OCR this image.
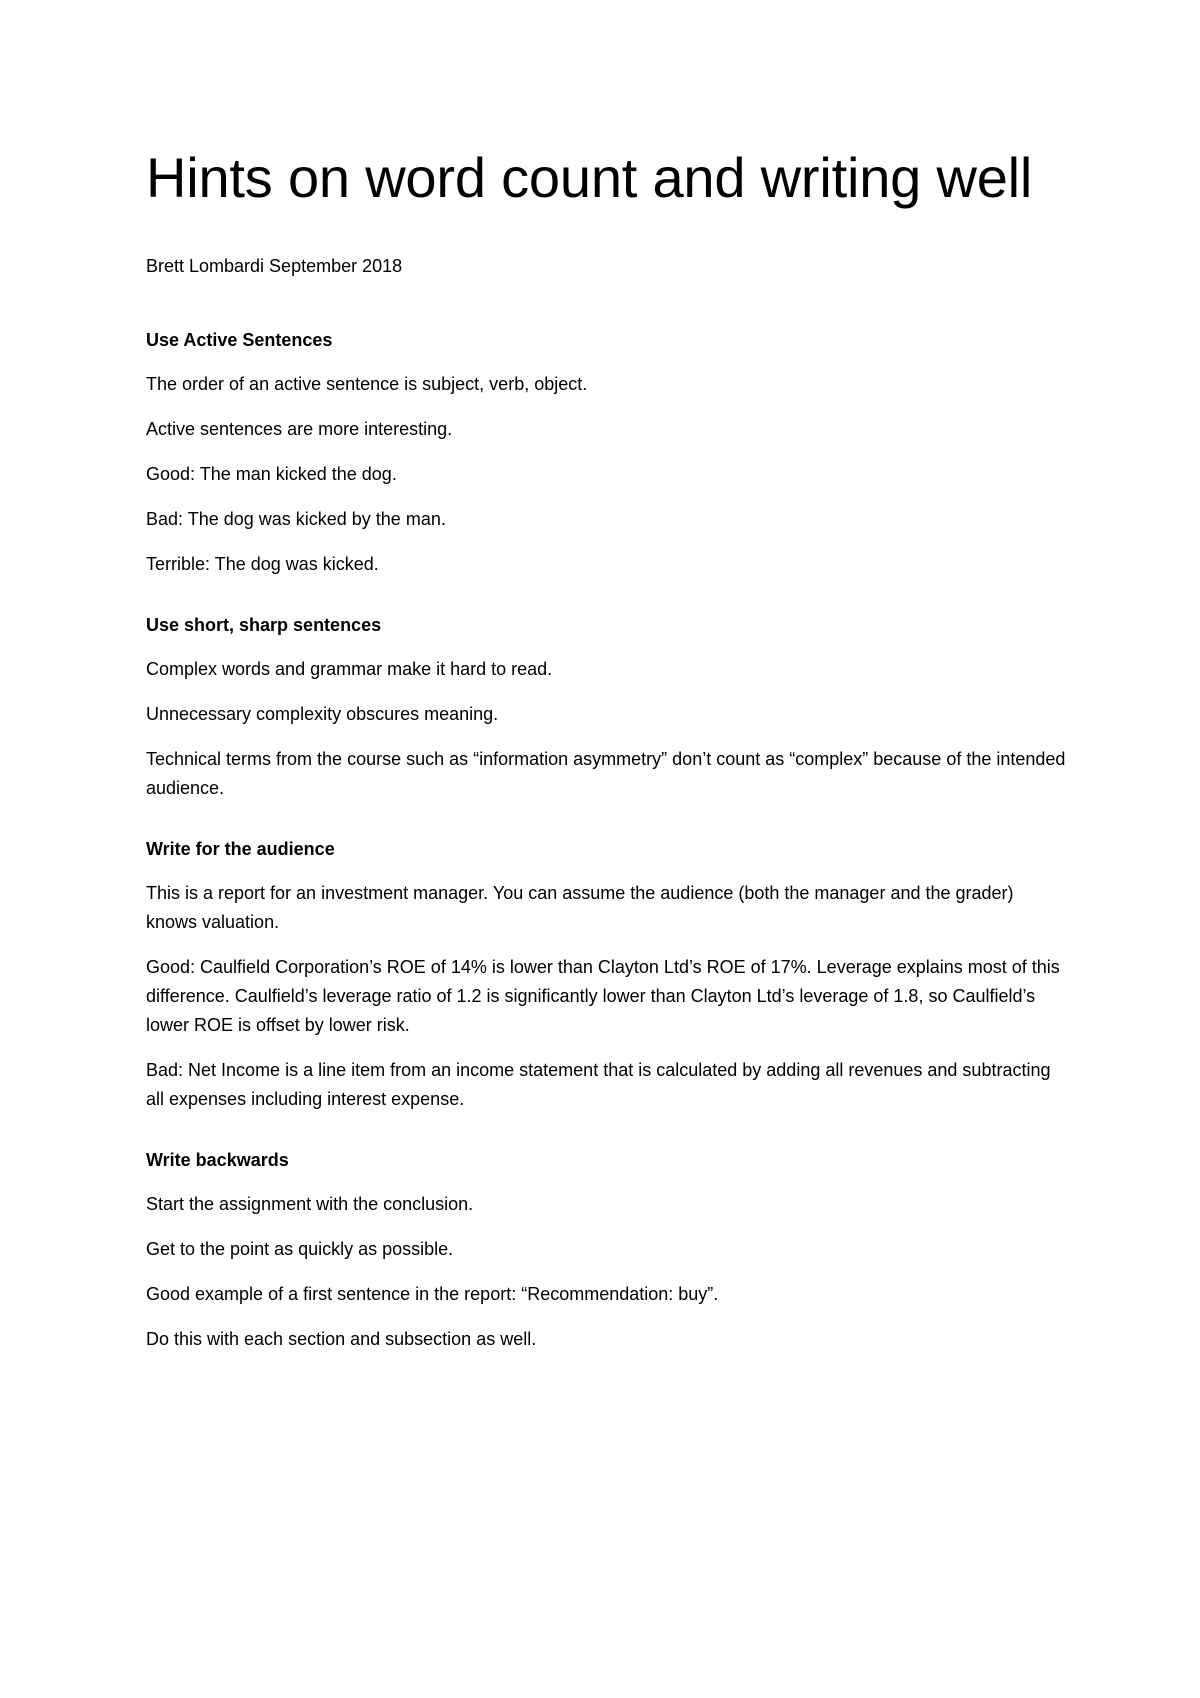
Hints on word count and writing well

Brett Lombardi September 2018

Use Active Sentences

The order of an active sentence is subject, verb, object.

Active sentences are more interesting.

Good: The man kicked the dog.

Bad: The dog was kicked by the man.

Terrible: The dog was kicked.

Use short, sharp sentences

Complex words and grammar make it hard to read.

Unnecessary complexity obscures meaning.

Technical terms from the course such as “information asymmetry” don’t count as “complex” because of the intended audience.

Write for the audience

This is a report for an investment manager. You can assume the audience (both the manager and the grader) knows valuation.

Good: Caulfield Corporation’s ROE of 14% is lower than Clayton Ltd’s ROE of 17%. Leverage explains most of this difference. Caulfield’s leverage ratio of 1.2 is significantly lower than Clayton Ltd’s leverage of 1.8, so Caulfield’s lower ROE is offset by lower risk.

Bad: Net Income is a line item from an income statement that is calculated by adding all revenues and subtracting all expenses including interest expense.

Write backwards

Start the assignment with the conclusion.

Get to the point as quickly as possible.

Good example of a first sentence in the report: “Recommendation: buy”.

Do this with each section and subsection as well.
